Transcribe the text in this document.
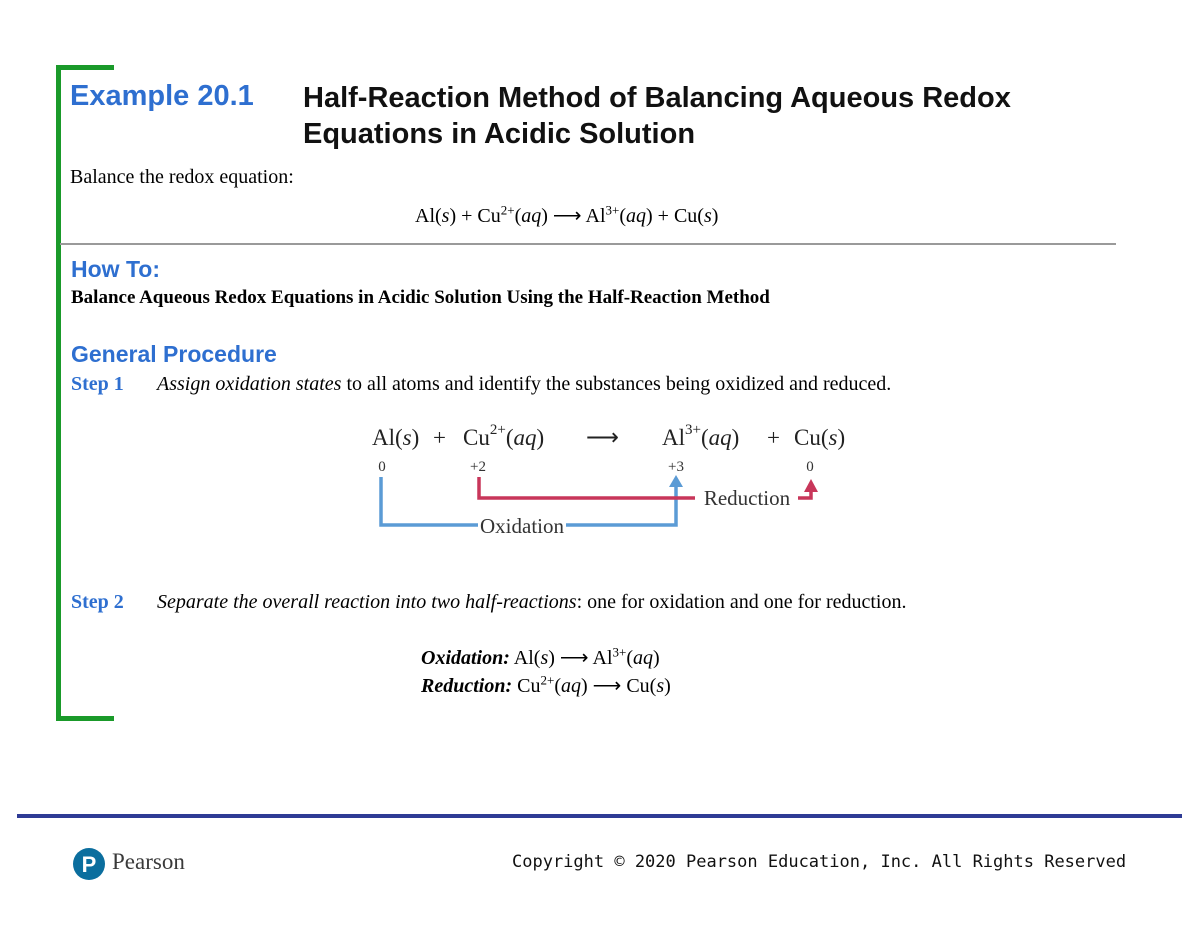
Example 20.1 Half-Reaction Method of Balancing Aqueous Redox
Equations in Acidic Solution
Balance the redox equation:
$Al(s) + Cu^{2+}(aq)$ ⟶ $Al^{3+}(aq) + Cu(s)$
How To:
Balance Aqueous Redox Equations in Acidic Solution Using the Half-Reaction Method
General Procedure
Step 1 Assign oxidation states to all atoms and identify the substances being oxidized and reduced.
$Al(s) + Cu^{2+}(aq)$ ⟶ $Al^{3+}(aq) + Cu(s)$
0	+2	+3	0
Oxidation
Reduction
Step 2 Separate the overall reaction into two half-reactions: one for oxidation and one for reduction.
Oxidation: Al(s) ⟶ $Al^{3+}(aq)$
Reduction: $Cu^{2+}(aq)$ ⟶ Cu(s)
P Pearson	Copyright © 2020 Pearson Education, Inc. All Rights Reserved
